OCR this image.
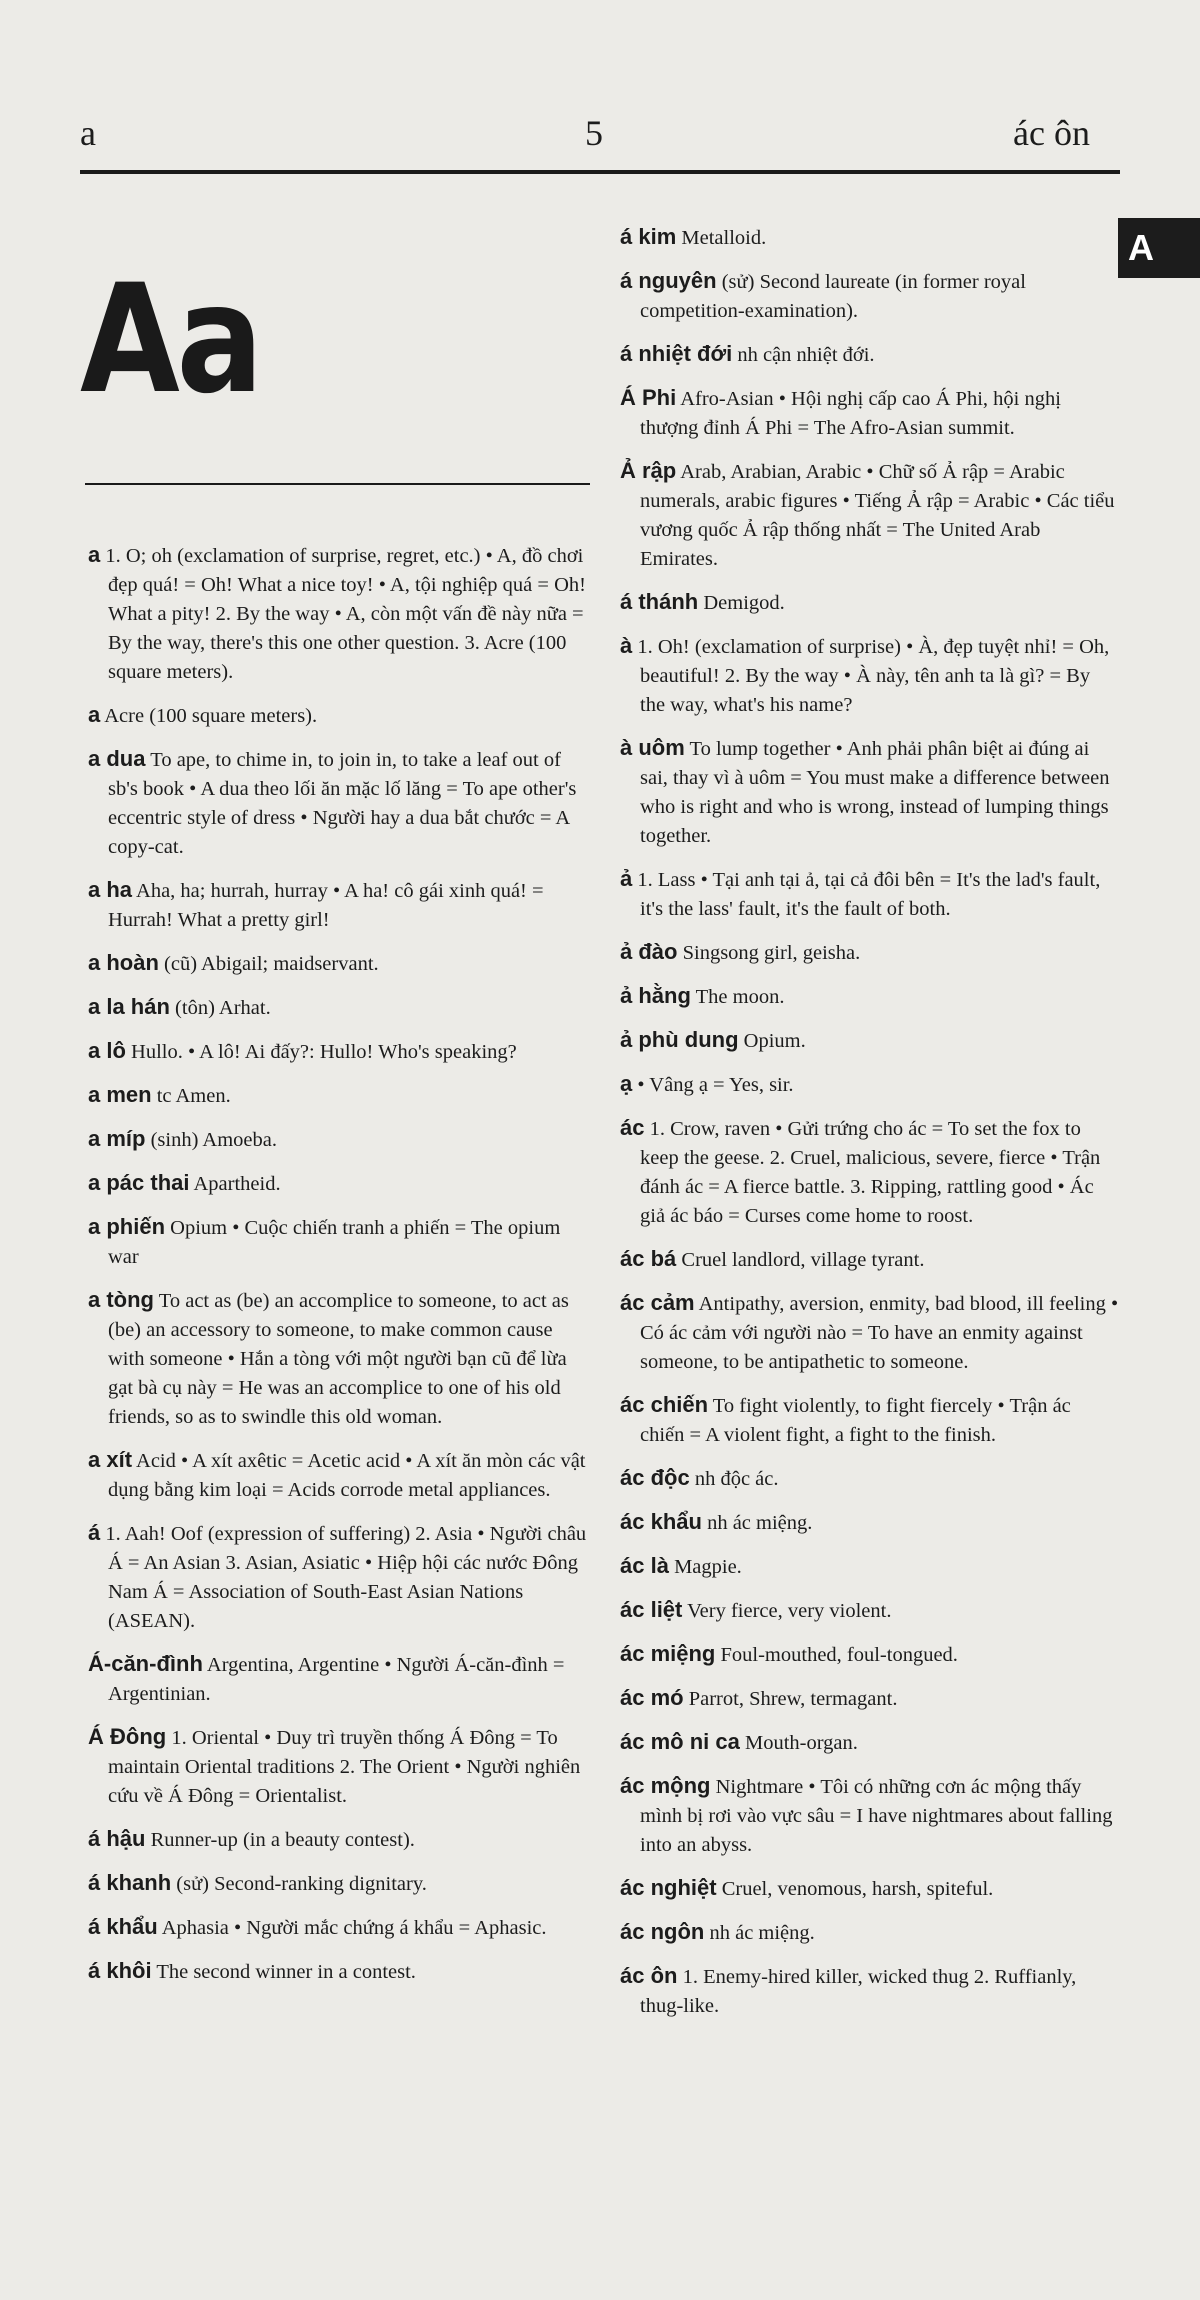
a	5	ác ôn
A
Aa
a 1. O; oh (exclamation of surprise, regret, etc.) • A, đồ chơi đẹp quá! = Oh! What a nice toy! • A, tội nghiệp quá = Oh! What a pity! 2. By the way • A, còn một vấn đề này nữa = By the way, there's this one other question. 3. Acre (100 square meters).
a Acre (100 square meters).
a dua To ape, to chime in, to join in, to take a leaf out of sb's book • A dua theo lối ăn mặc lố lăng = To ape other's eccentric style of dress • Người hay a dua bắt chước = A copy-cat.
a ha Aha, ha; hurrah, hurray • A ha! cô gái xinh quá! = Hurrah! What a pretty girl!
a hoàn (cũ) Abigail; maidservant.
a la hán (tôn) Arhat.
a lô Hullo. • A lô! Ai đấy?: Hullo! Who's speaking?
a men tc Amen.
a míp (sinh) Amoeba.
a pác thai Apartheid.
a phiến Opium • Cuộc chiến tranh a phiến = The opium war
a tòng To act as (be) an accomplice to someone, to act as (be) an accessory to someone, to make common cause with someone • Hắn a tòng với một người bạn cũ để lừa gạt bà cụ này = He was an accomplice to one of his old friends, so as to swindle this old woman.
a xít Acid • A xít axêtic = Acetic acid • A xít ăn mòn các vật dụng bằng kim loại = Acids corrode metal appliances.
á 1. Aah! Oof (expression of suffering) 2. Asia • Người châu Á = An Asian 3. Asian, Asiatic • Hiệp hội các nước Đông Nam Á = Association of South-East Asian Nations (ASEAN).
Á-căn-đình Argentina, Argentine • Người Á-căn-đình = Argentinian.
Á Đông 1. Oriental • Duy trì truyền thống Á Đông = To maintain Oriental traditions 2. The Orient • Người nghiên cứu về Á Đông = Orientalist.
á hậu Runner-up (in a beauty contest).
á khanh (sử) Second-ranking dignitary.
á khẩu Aphasia • Người mắc chứng á khẩu = Aphasic.
á khôi The second winner in a contest.
á kim Metalloid.
á nguyên (sử) Second laureate (in former royal competition-examination).
á nhiệt đới nh cận nhiệt đới.
Á Phi Afro-Asian • Hội nghị cấp cao Á Phi, hội nghị thượng đỉnh Á Phi = The Afro-Asian summit.
Ả rập Arab, Arabian, Arabic • Chữ số Ả rập = Arabic numerals, arabic figures • Tiếng Ả rập = Arabic • Các tiểu vương quốc Ả rập thống nhất = The United Arab Emirates.
á thánh Demigod.
à 1. Oh! (exclamation of surprise) • À, đẹp tuyệt nhỉ! = Oh, beautiful! 2. By the way • À này, tên anh ta là gì? = By the way, what's his name?
à uôm To lump together • Anh phải phân biệt ai đúng ai sai, thay vì à uôm = You must make a difference between who is right and who is wrong, instead of lumping things together.
ả 1. Lass • Tại anh tại ả, tại cả đôi bên = It's the lad's fault, it's the lass' fault, it's the fault of both.
ả đào Singsong girl, geisha.
ả hằng The moon.
ả phù dung Opium.
ạ • Vâng ạ = Yes, sir.
ác 1. Crow, raven • Gửi trứng cho ác = To set the fox to keep the geese. 2. Cruel, malicious, severe, fierce • Trận đánh ác = A fierce battle. 3. Ripping, rattling good • Ác giả ác báo = Curses come home to roost.
ác bá Cruel landlord, village tyrant.
ác cảm Antipathy, aversion, enmity, bad blood, ill feeling • Có ác cảm với người nào = To have an enmity against someone, to be antipathetic to someone.
ác chiến To fight violently, to fight fiercely • Trận ác chiến = A violent fight, a fight to the finish.
ác độc nh độc ác.
ác khẩu nh ác miệng.
ác là Magpie.
ác liệt Very fierce, very violent.
ác miệng Foul-mouthed, foul-tongued.
ác mó Parrot, Shrew, termagant.
ác mô ni ca Mouth-organ.
ác mộng Nightmare • Tôi có những cơn ác mộng thấy mình bị rơi vào vực sâu = I have nightmares about falling into an abyss.
ác nghiệt Cruel, venomous, harsh, spiteful.
ác ngôn nh ác miệng.
ác ôn 1. Enemy-hired killer, wicked thug 2. Ruffianly, thug-like.
